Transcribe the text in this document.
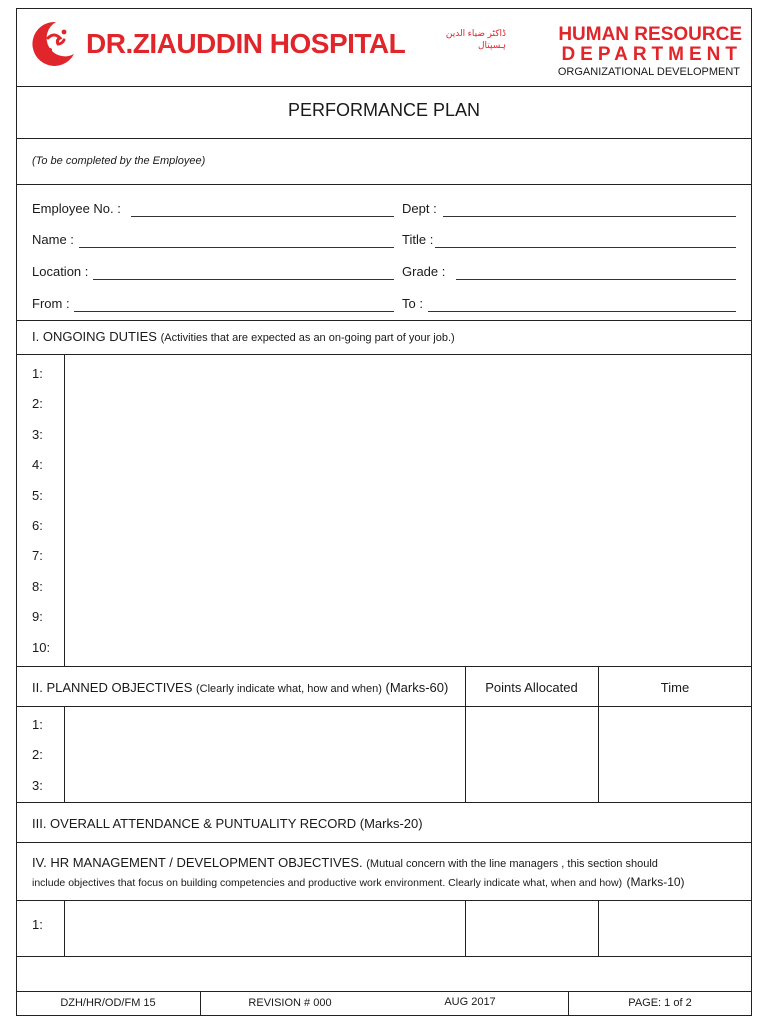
DR.ZIAUDDIN HOSPITAL	ڈاکٹر ضیاء الدین
ہسپتال	HUMAN RESOURCE
DEPARTMENT
ORGANIZATIONAL DEVELOPMENT
PERFORMANCE PLAN
(To be completed by the Employee)
Employee No. :	Dept :
Name :	Title :
Location :	Grade :
From :	To :
I. ONGOING DUTIES (Activities that are expected as an on-going part of your job.)
1:
2:
3:
4:
5:
6:
7:
8:
9:
10:
II. PLANNED OBJECTIVES (Clearly indicate what, how and when) (Marks-60)	Points Allocated	Time
1:
2:
3:
III. OVERALL ATTENDANCE & PUNTUALITY RECORD (Marks-20)
IV. HR MANAGEMENT / DEVELOPMENT OBJECTIVES. (Mutual concern with the line managers , this section should
include objectives that focus on building competencies and productive work environment. Clearly indicate what, when and how) (Marks-10)
1:
DZH/HR/OD/FM 15	REVISION # 000	AUG 2017	PAGE: 1 of 2
